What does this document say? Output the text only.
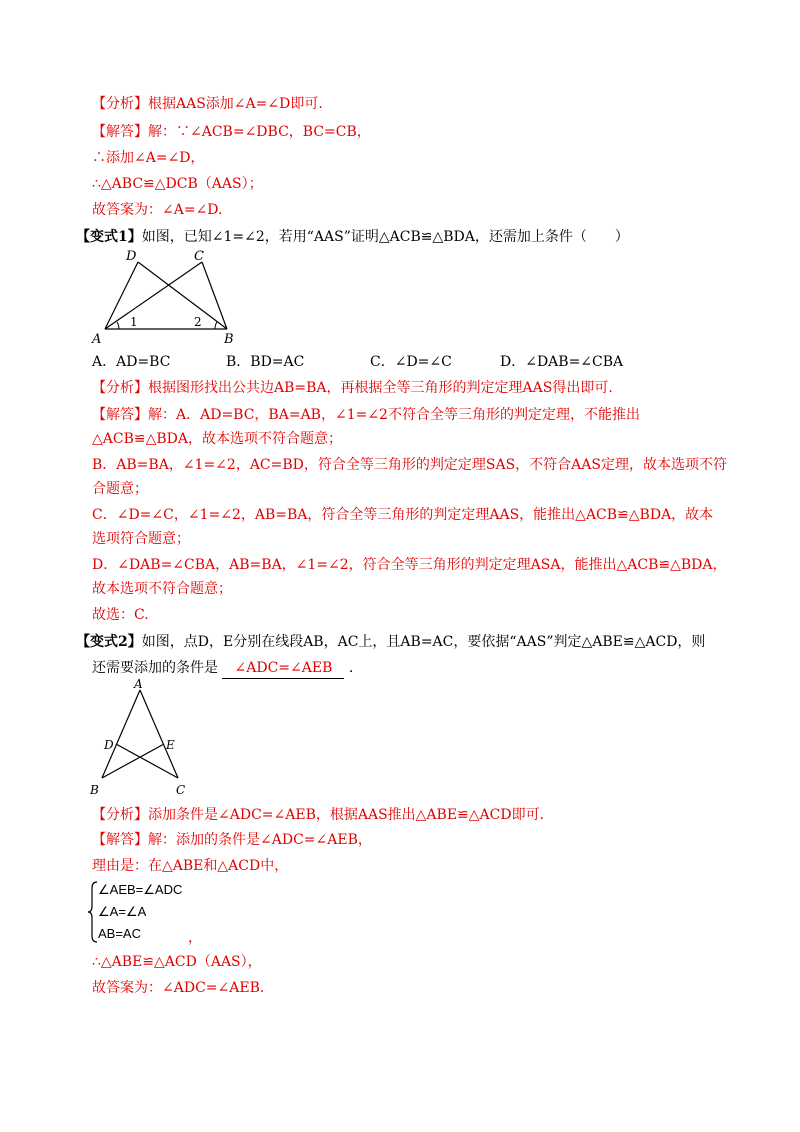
【分析】根据AAS添加∠A=∠D即可.
【解答】解：∵∠ACB=∠DBC，BC=CB，
∴添加∠A=∠D，
∴△ABC≌△DCB（AAS）；
故答案为：∠A=∠D.
【变式1】如图，已知∠1=∠2，若用“AAS”证明△ACB≌△BDA，还需加上条件（　　）
D	C
A	B
1	2
A．AD=BC	B．BD=AC	C．∠D=∠C	D．∠DAB=∠CBA
【分析】根据图形找出公共边AB=BA，再根据全等三角形的判定定理AAS得出即可.
【解答】解：A．AD=BC，BA=AB，∠1=∠2不符合全等三角形的判定定理，不能推出
△ACB≌△BDA，故本选项不符合题意；
B．AB=BA，∠1=∠2，AC=BD，符合全等三角形的判定定理SAS，不符合AAS定理，故本选项不符
合题意；
C．∠D=∠C，∠1=∠2，AB=BA，符合全等三角形的判定定理AAS，能推出△ACB≌△BDA，故本
选项符合题意；
D．∠DAB=∠CBA，AB=BA，∠1=∠2，符合全等三角形的判定定理ASA，能推出△ACB≌△BDA，
故本选项不符合题意；
故选：C.
【变式2】如图，点D，E分别在线段AB，AC上，且AB=AC，要依据“AAS”判定△ABE≌△ACD，则
还需要添加的条件是 ∠ADC=∠AEB .
A
D	E
B	C
【分析】添加条件是∠ADC=∠AEB，根据AAS推出△ABE≌△ACD即可.
【解答】解：添加的条件是∠ADC=∠AEB，
理由是：在△ABE和△ACD中，
∠AEB=∠ADC
∠A=∠A
AB=AC	，
∴△ABE≌△ACD（AAS），
故答案为：∠ADC=∠AEB.
